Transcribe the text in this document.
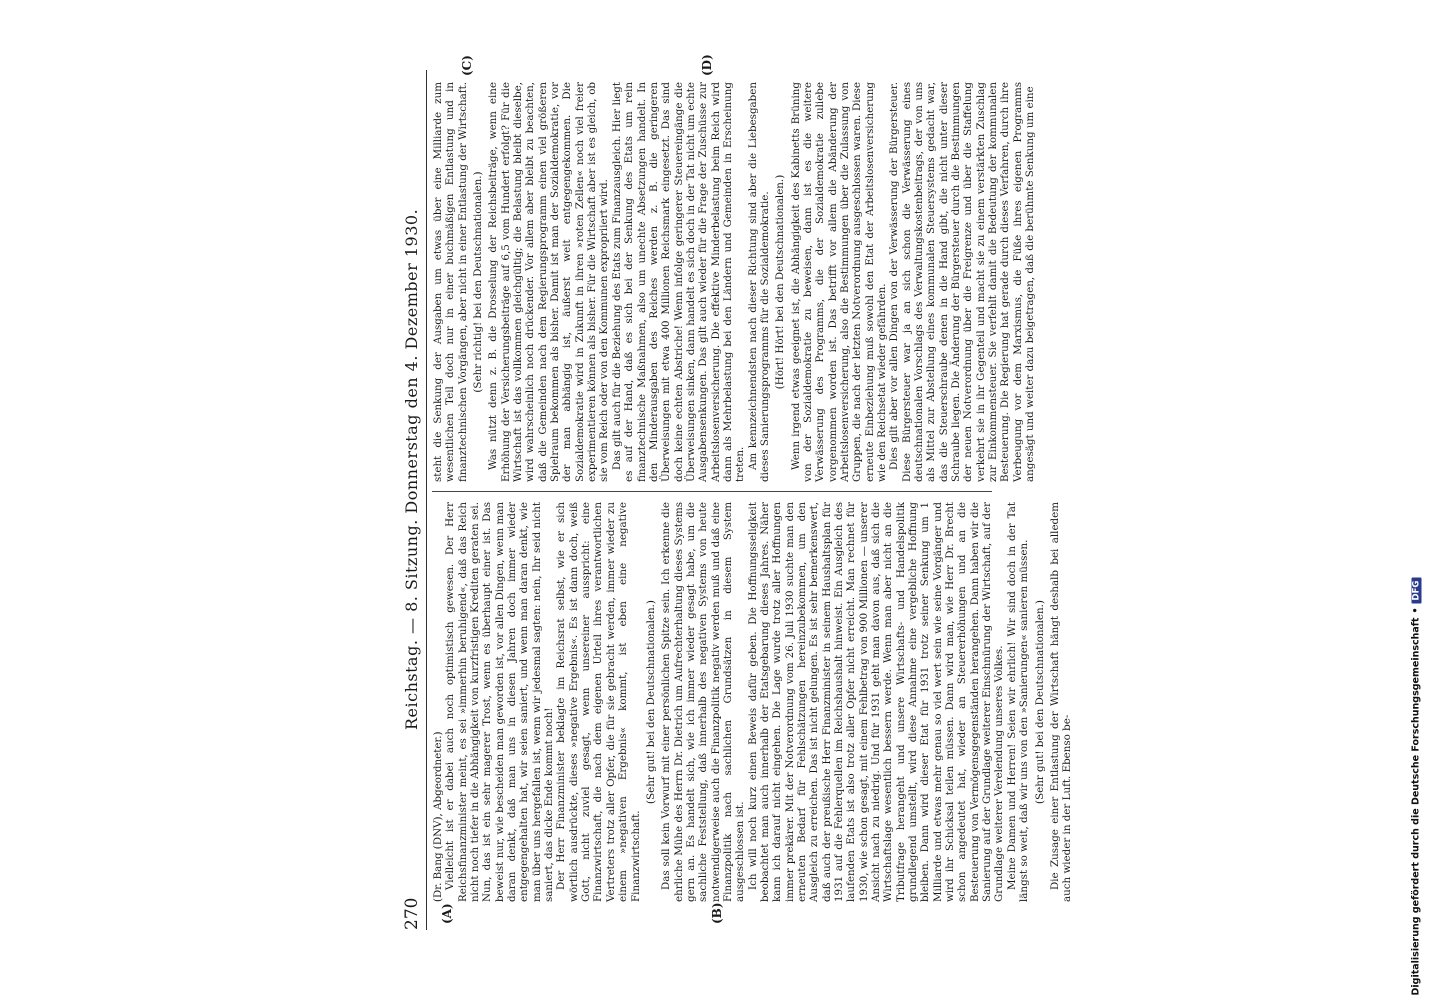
270
Reichstag. — 8. Sitzung. Donnerstag den 4. Dezember 1930.

(Dr. Bang (DNV), Abgeordneter.) Vielleicht ist er dabei auch noch optimistisch gewesen. Der Herr Reichsfinanzminister meint, es sei »immerhin beruhigend«, daß das Reich nicht noch tiefer in die Abhängigkeit von kurzfristigen Krediten geraten sei. Nun, das ist ein sehr magerer Trost, wenn es überhaupt einer ist. Das beweist nur, wie bescheiden man geworden ist, vor allen Dingen, wenn man daran denkt, daß man uns in diesen Jahren doch immer wieder entgegengehalten hat, wir seien saniert, und wenn man daran denkt, wie man über uns hergefallen ist, wenn wir jedesmal sagten: nein, Ihr seid nicht saniert, das dicke Ende kommt noch! Der Herr Finanzminister beklagte im Reichsrat selbst, wie er sich wörtlich ausdrückte, dieses »negative Ergebnis«. Es ist dann doch, weiß Gott, nicht zuviel gesagt, wenn unsereiner ausspricht: eine Finanzwirtschaft, die nach dem eigenen Urteil ihres verantwortlichen Vertreters trotz aller Opfer, die für sie gebracht werden, immer wieder zu einem »negativen Ergebnis« kommt, ist eben eine negative Finanzwirtschaft.

(Sehr gut! bei den Deutschnationalen.) Das soll kein Vorwurf mit einer persönlichen Spitze sein. Ich erkenne die ehrliche Mühe des Herrn Dr. Dietrich um Aufrechterhaltung dieses Systems gern an. Es handelt sich, wie ich immer wieder gesagt habe, um die sachliche Feststellung, daß innerhalb des negativen Systems von heute notwendigerweise auch die Finanzpolitik negativ werden muß und daß eine Finanzpolitik nach sachlichen Grundsätzen in diesem System ausgeschlossen ist. Ich will noch kurz einen Beweis dafür geben. Die Hoffnungsseligkeit beobachtet man auch innerhalb der Etatsgebarung dieses Jahres. Näher kann ich darauf nicht eingehen. Die Lage wurde trotz aller Hoffnungen immer prekärer. Mit der Notverordnung vom 26. Juli 1930 suchte man den erneuten Bedarf für Fehlschätzungen hereinzubekommen, um den Ausgleich zu erreichen. Das ist nicht gelungen. Es ist sehr bemerkenswert, daß auch der preußische Herr Finanzminister in seinem Haushaltsplan für 1931 auf die Fehlerquellen im Reichshaushalt hinweist. Ein Ausgleich des laufenden Etats ist also trotz aller Opfer nicht erreicht. Man rechnet für 1930, wie schon gesagt, mit einem Fehlbetrag von 900 Millionen — unserer Ansicht nach zu niedrig. Und für 1931 geht man davon aus, daß sich die Wirtschaftslage wesentlich bessern werde. Wenn man aber nicht an die Tributfrage herangeht und unsere Wirtschafts- und Handelspolitik grundlegend umstellt, wird diese Annahme eine vergebliche Hoffnung bleiben. Dann wird dieser Etat für 1931 trotz seiner Senkung um 1 Milliarde und etwas mehr genau so viel wert sein wie seine Vorgänger und wird ihr Schicksal teilen müssen. Dann wird man, wie Herr Dr. Brecht schon angedeutet hat, wieder an Steuererhöhungen und an die Besteuerung von Vermögensgegenständen herangehen. Dann haben wir die Sanierung auf der Grundlage weiterer Einschnürung der Wirtschaft, auf der Grundlage weiterer Verelendung unseres Volkes. Meine Damen und Herren! Seien wir ehrlich! Wir sind doch in der Tat längst so weit, daß wir uns von den »Sanierungen« sanieren müssen. (Sehr gut! bei den Deutschnationalen.) Die Zusage einer Entlastung der Wirtschaft hängt deshalb bei alledem auch wieder in der Luft. Ebenso be-

steht die Senkung der Ausgaben um etwas über eine Milliarde zum wesentlichen Teil doch nur in einer buchmäßigen Entlastung und in finanztechnischen Vorgängen, aber nicht in einer Entlastung der Wirtschaft. (Sehr richtig! bei den Deutschnationalen.) Was nützt denn z. B. die Drosselung der Reichsbeiträge, wenn eine Erhöhung der Versicherungsbeiträge auf 6,5 vom Hundert erfolgt? Für die Wirtschaft ist das vollkommen gleichgültig; die Belastung bleibt dieselbe, wird wahrscheinlich noch drückender. Vor allem aber bleibt zu beachten, daß die Gemeinden nach dem Regierungsprogramm einen viel größeren Spielraum bekommen als bisher. Damit ist man der Sozialdemokratie, vor der man abhängig ist, äußerst weit entgegengekommen. Die Sozialdemokratie wird in Zukunft in ihren »roten Zellen« noch viel freier experimentieren können als bisher. Für die Wirtschaft aber ist es gleich, ob sie vom Reich oder von den Kommunen expropriiert wird. Das gilt auch für die Beziehung des Etats zum Finanzausgleich. Hier liegt es auf der Hand, daß es sich bei der Senkung des Etats um rein finanztechnische Maßnahmen, also um unechte Absetzungen handelt. In den Minderausgaben des Reiches werden z. B. die geringeren Überweisungen mit etwa 400 Millionen Reichsmark eingesetzt. Das sind doch keine echten Abstriche! Wenn infolge geringerer Steuereingänge die Überweisungen sinken, dann handelt es sich doch in der Tat nicht um echte Ausgabensenkungen. Das gilt auch wieder für die Frage der Zuschüsse zur Arbeitslosenversicherung. Die effektive Minderbelastung beim Reich wird dann als Mehrbelastung bei den Ländern und Gemeinden in Erscheinung treten. Am kennzeichnendsten nach dieser Richtung sind aber die Liebesgaben dieses Sanierungsprogramms für die Sozialdemokratie. (Hört! Hört! bei den Deutschnationalen.) Wenn irgend etwas geeignet ist, die Abhängigkeit des Kabinetts Brüning von der Sozialdemokratie zu beweisen, dann ist es die weitere Verwässerung des Programms, die der Sozialdemokratie zuliebe vorgenommen worden ist. Das betrifft vor allem die Abänderung der Arbeitslosenversicherung, also die Bestimmungen über die Zulassung von Gruppen, die nach der letzten Notverordnung ausgeschlossen waren. Diese erneute Einbeziehung muß sowohl den Etat der Arbeitslosenversicherung wie den Reichsetat wieder gefährden. Dies gilt aber vor allen Dingen von der Verwässerung der Bürgersteuer. Diese Bürgersteuer war ja an sich schon die Verwässerung eines deutschnationalen Vorschlags des Verwaltungskostenbeitrags, der von uns als Mittel zur Abstellung eines kommunalen Steuersystems gedacht war, das die Steuerschraube denen in die Hand gibt, die nicht unter dieser Schraube liegen. Die Änderung der Bürgersteuer durch die Bestimmungen der neuen Notverordnung über die Freigrenze und über die Staffelung verkehrt sie in ihr Gegenteil und macht sie zu einem verstärkten Zuschlag zur Einkommensteuer. Sie verfehlt damit die Bedeutung der kommunalen Besteuerung. Die Regierung hat gerade durch dieses Verfahren, durch ihre Verbeugung vor dem Marxismus, die Füße ihres eigenen Programms angesägt und weiter dazu beigetragen, daß die berühmte Senkung um eine

(A)	(B)
(C)	(D)
Digitalisierung gefördert durch die Deutsche Forschungsgemeinschaft
•
DFG
